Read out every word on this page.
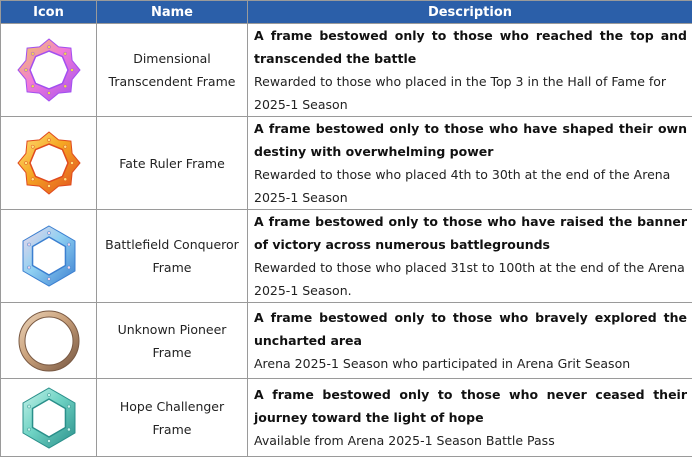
Icon	Name	Description

	Dimensional Transcendent Frame	A frame bestowed only to those who reached the top and transcended the battle
Rewarded to those who placed in the Top 3 in the Hall of Fame for 2025-1 Season

	Fate Ruler Frame	A frame bestowed only to those who have shaped their own destiny with overwhelming power
Rewarded to those who placed 4th to 30th at the end of the Arena 2025-1 Season

	Battlefield Conqueror Frame	A frame bestowed only to those who have raised the banner of victory across numerous battlegrounds
Rewarded to those who placed 31st to 100th at the end of the Arena 2025-1 Season.

	Unknown Pioneer Frame	A frame bestowed only to those who bravely explored the uncharted area
Arena 2025-1 Season who participated in Arena Grit Season

	Hope Challenger Frame	A frame bestowed only to those who never ceased their journey toward the light of hope
Available from Arena 2025-1 Season Battle Pass
